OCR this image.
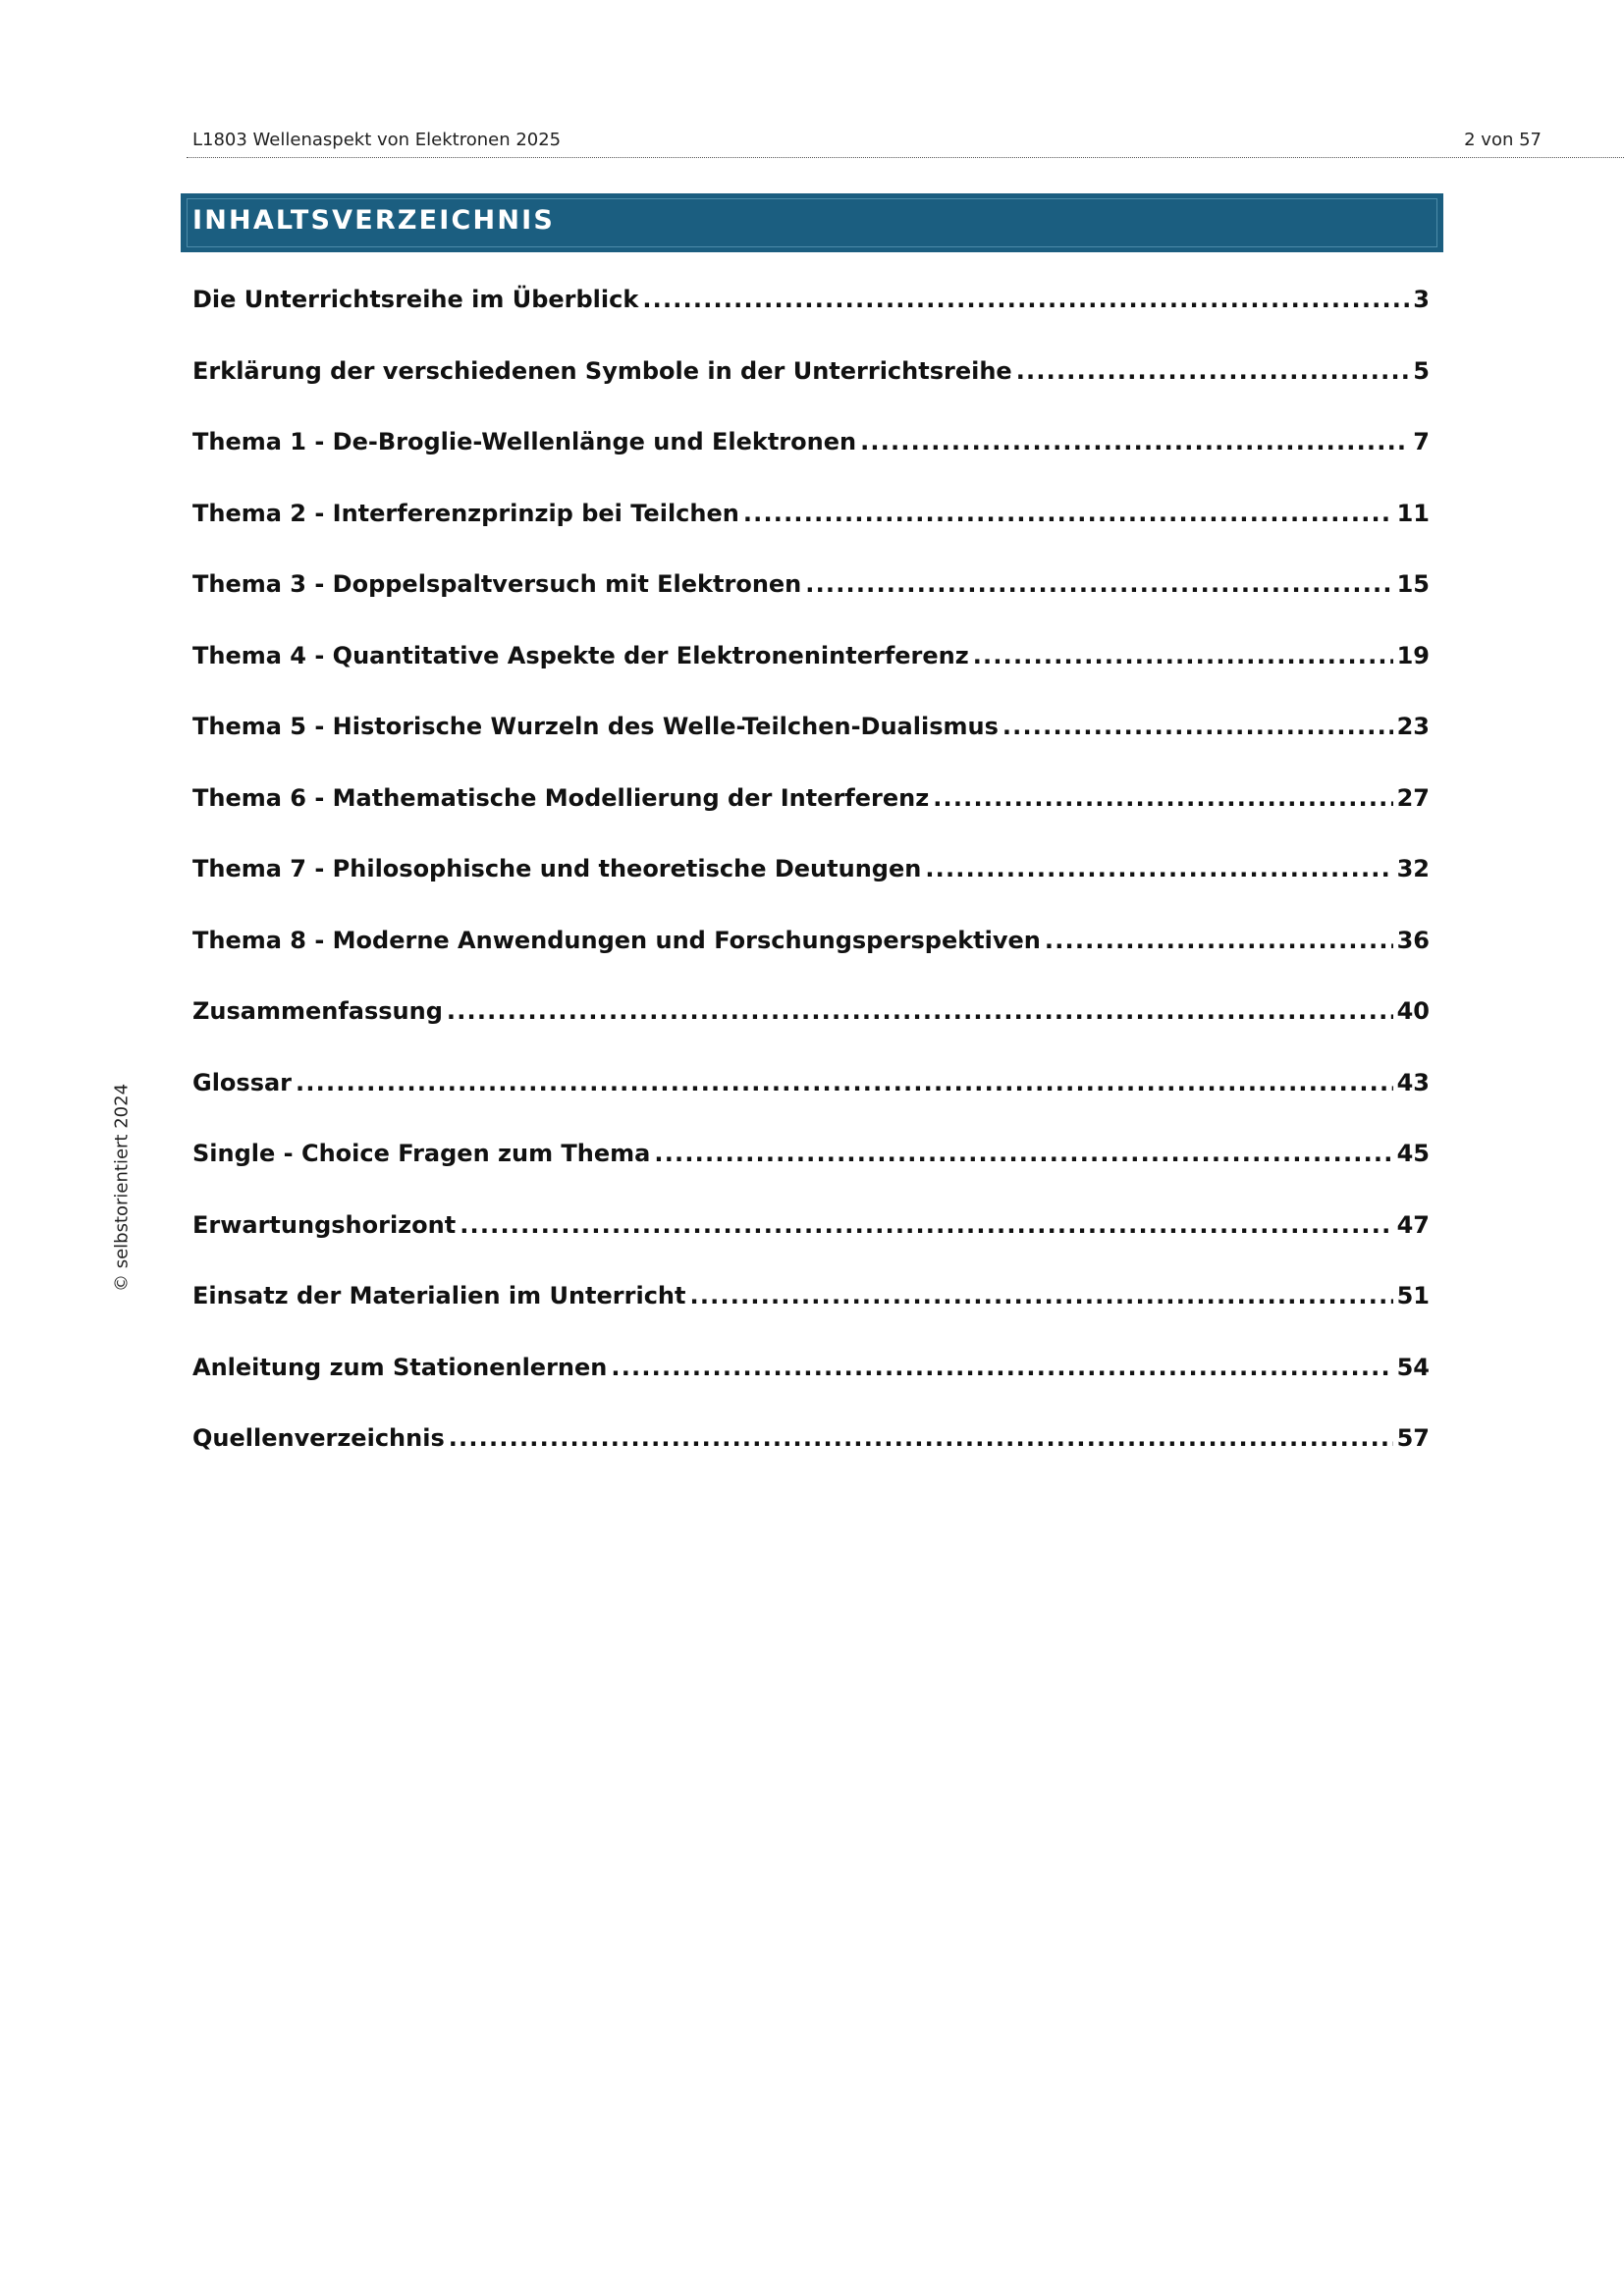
L1803 Wellenaspekt von Elektronen 2025	2 von 57
INHALTSVERZEICHNIS
Die Unterrichtsreihe im Überblick .....	3
Erklärung der verschiedenen Symbole in der Unterrichtsreihe .....	5
Thema 1 - De-Broglie-Wellenlänge und Elektronen .....	7
Thema 2 - Interferenzprinzip bei Teilchen .....	11
Thema 3 - Doppelspaltversuch mit Elektronen .....	15
Thema 4 - Quantitative Aspekte der Elektroneninterferenz .....	19
Thema 5 - Historische Wurzeln des Welle-Teilchen-Dualismus .....	23
Thema 6 - Mathematische Modellierung der Interferenz .....	27
Thema 7 - Philosophische und theoretische Deutungen .....	32
Thema 8 - Moderne Anwendungen und Forschungsperspektiven .....	36
Zusammenfassung .....	40
Glossar .....	43
Single - Choice Fragen zum Thema .....	45
Erwartungshorizont .....	47
Einsatz der Materialien im Unterricht .....	51
Anleitung zum Stationenlernen .....	54
Quellenverzeichnis .....	57
© selbstorientiert 2024
